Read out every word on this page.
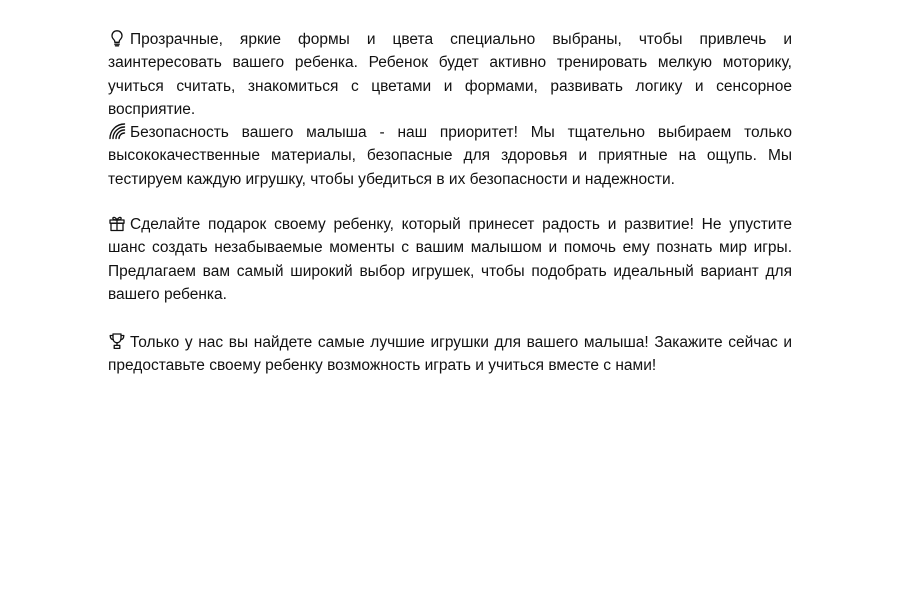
Прозрачные, яркие формы и цвета специально выбраны, чтобы привлечь и заинтересовать вашего ребенка. Ребенок будет активно тренировать мелкую моторику, учиться считать, знакомиться с цветами и формами, развивать логику и сенсорное восприятие.

Безопасность вашего малыша - наш приоритет! Мы тщательно выбираем только высококачественные материалы, безопасные для здоровья и приятные на ощупь. Мы тестируем каждую игрушку, чтобы убедиться в их безопасности и надежности.

Сделайте подарок своему ребенку, который принесет радость и развитие! Не упустите шанс создать незабываемые моменты с вашим малышом и помочь ему познать мир игры. Предлагаем вам самый широкий выбор игрушек, чтобы подобрать идеальный вариант для вашего ребенка.

Только у нас вы найдете самые лучшие игрушки для вашего малыша! Закажите сейчас и предоставьте своему ребенку возможность играть и учиться вместе с нами!
